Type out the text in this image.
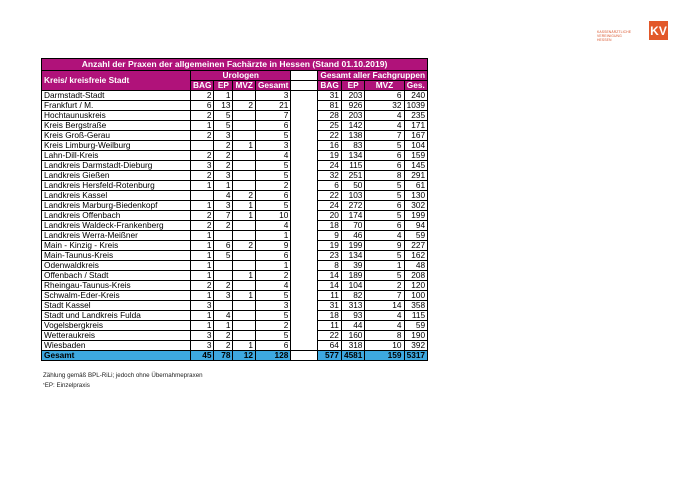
KASSENÄRZTLICHE
VEREINIGUNG
HESSEN
KV
Anzahl der Praxen der allgemeinen Fachärzte in Hessen (Stand 01.10.2019)									
Kreis/ kreisfreie Stadt	Urologen					Gesamt aller Fachgruppen			
	BAG	EP	MVZ	Gesamt		BAG	EP	MVZ	Ges.
Darmstadt-Stadt	2	1		3		31	203	6	240
Frankfurt / M.	6	13	2	21		81	926	32	1039
Hochtaunuskreis	2	5		7		28	203	4	235
Kreis Bergstraße	1	5		6		25	142	4	171
Kreis Groß-Gerau	2	3		5		22	138	7	167
Kreis Limburg-Weilburg		2	1	3		16	83	5	104
Lahn-Dill-Kreis	2	2		4		19	134	6	159
Landkreis Darmstadt-Dieburg	3	2		5		24	115	6	145
Landkreis Gießen	2	3		5		32	251	8	291
Landkreis Hersfeld-Rotenburg	1	1		2		6	50	5	61
Landkreis Kassel		4	2	6		22	103	5	130
Landkreis Marburg-Biedenkopf	1	3	1	5		24	272	6	302
Landkreis Offenbach	2	7	1	10		20	174	5	199
Landkreis Waldeck-Frankenberg	2	2		4		18	70	6	94
Landkreis Werra-Meißner	1			1		9	46	4	59
Main - Kinzig - Kreis	1	6	2	9		19	199	9	227
Main-Taunus-Kreis	1	5		6		23	134	5	162
Odenwaldkreis	1			1		8	39	1	48
Offenbach / Stadt	1		1	2		14	189	5	208
Rheingau-Taunus-Kreis	2	2		4		14	104	2	120
Schwalm-Eder-Kreis	1	3	1	5		11	82	7	100
Stadt Kassel	3			3		31	313	14	358
Stadt und Landkreis Fulda	1	4		5		18	93	4	115
Vogelsbergkreis	1	1		2		11	44	4	59
Wetteraukreis	3	2		5		22	160	8	190
Wiesbaden	3	2	1	6		64	318	10	392
Gesamt	45	78	12	128		577	4581	159	5317
Zählung gemäß BPL-RiLi; jedoch ohne Übernahmepraxen
*EP: Einzelpraxis
